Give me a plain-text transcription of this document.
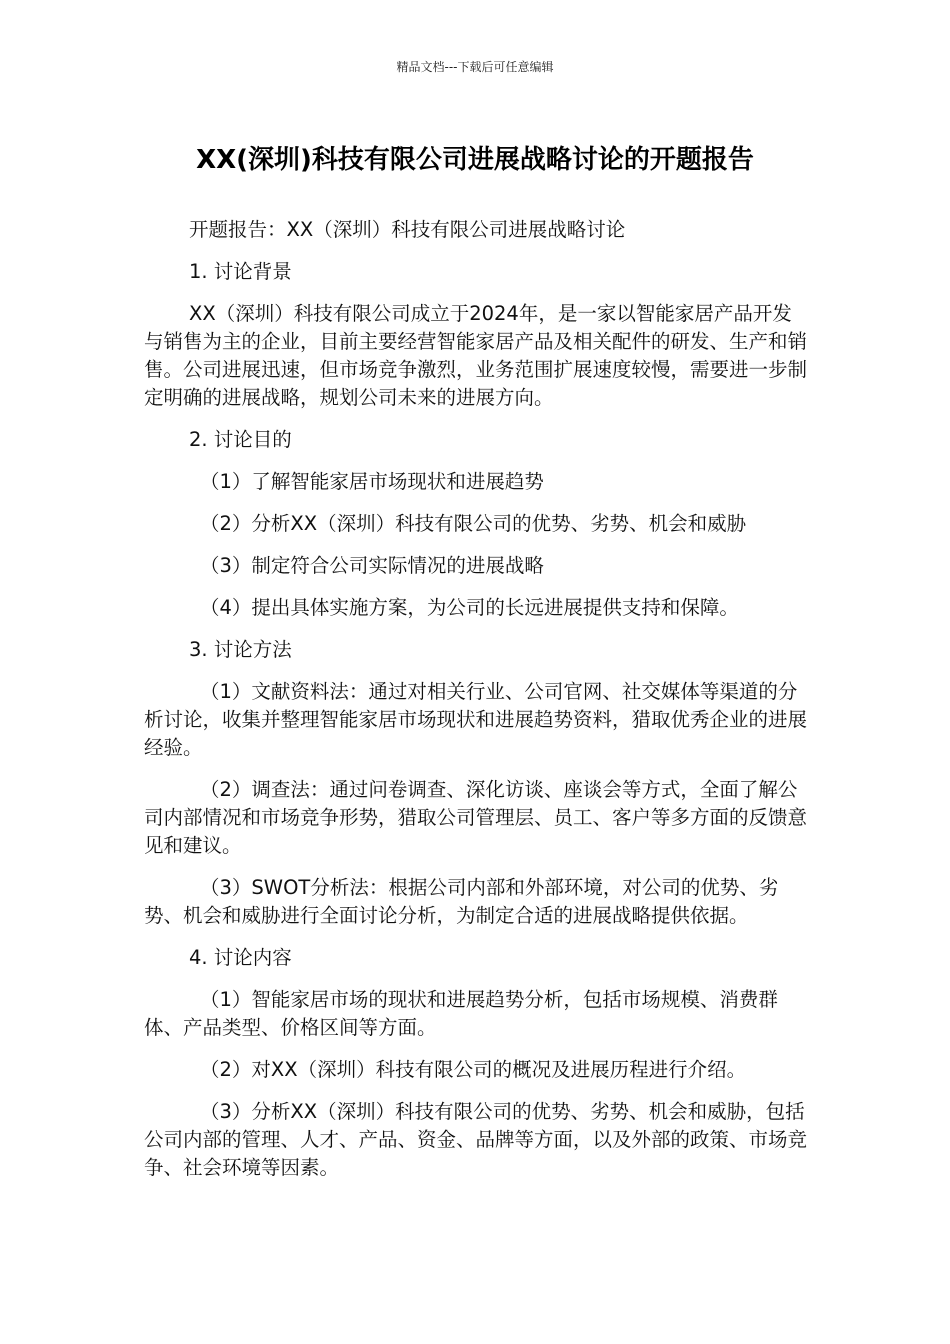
精品文档---下载后可任意编辑
XX(深圳)科技有限公司进展战略讨论的开题报告

开题报告：XX（深圳）科技有限公司进展战略讨论

1. 讨论背景

XX（深圳）科技有限公司成立于2024年，是一家以智能家居产品开发与销售为主的企业，目前主要经营智能家居产品及相关配件的研发、生产和销售。公司进展迅速，但市场竞争激烈，业务范围扩展速度较慢，需要进一步制定明确的进展战略，规划公司未来的进展方向。

2. 讨论目的

（1）了解智能家居市场现状和进展趋势

（2）分析XX（深圳）科技有限公司的优势、劣势、机会和威胁

（3）制定符合公司实际情况的进展战略

（4）提出具体实施方案，为公司的长远进展提供支持和保障。

3. 讨论方法

（1）文献资料法：通过对相关行业、公司官网、社交媒体等渠道的分析讨论，收集并整理智能家居市场现状和进展趋势资料，猎取优秀企业的进展经验。

（2）调查法：通过问卷调查、深化访谈、座谈会等方式，全面了解公司内部情况和市场竞争形势，猎取公司管理层、员工、客户等多方面的反馈意见和建议。

（3）SWOT分析法：根据公司内部和外部环境，对公司的优势、劣势、机会和威胁进行全面讨论分析，为制定合适的进展战略提供依据。

4. 讨论内容

（1）智能家居市场的现状和进展趋势分析，包括市场规模、消费群体、产品类型、价格区间等方面。

（2）对XX（深圳）科技有限公司的概况及进展历程进行介绍。

（3）分析XX（深圳）科技有限公司的优势、劣势、机会和威胁，包括公司内部的管理、人才、产品、资金、品牌等方面，以及外部的政策、市场竞争、社会环境等因素。
